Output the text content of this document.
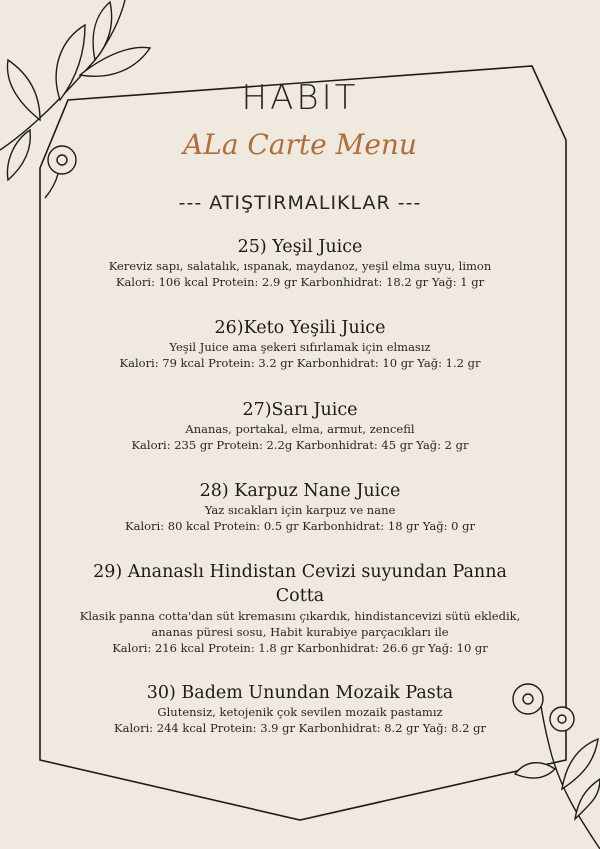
HABIT
ALa Carte Menu
--- ATIŞTIRMALIKLAR ---
25) Yeşil Juice

Kereviz sapı, salatalık, ıspanak, maydanoz, yeşil elma suyu, limon

Kalori: 106 kcal Protein: 2.9 gr Karbonhidrat: 18.2 gr Yağ: 1 gr

26)Keto Yeşili Juice

Yeşil Juice ama şekeri sıfırlamak için elmasız

Kalori: 79 kcal Protein: 3.2 gr Karbonhidrat: 10 gr Yağ: 1.2 gr

27)Sarı Juice

Ananas, portakal, elma, armut, zencefil

Kalori: 235 gr Protein: 2.2g Karbonhidrat: 45 gr Yağ: 2 gr

28) Karpuz Nane Juice

Yaz sıcakları için karpuz ve nane

Kalori: 80 kcal Protein: 0.5 gr Karbonhidrat: 18 gr Yağ: 0 gr

29) Ananaslı Hindistan Cevizi suyundan Panna Cotta

Klasik panna cotta'dan süt kremasını çıkardık, hindistancevizi sütü ekledik, ananas püresi sosu, Habit kurabiye parçacıkları ile

Kalori: 216 kcal Protein: 1.8 gr Karbonhidrat: 26.6 gr Yağ: 10 gr

30) Badem Unundan Mozaik Pasta

Glutensiz, ketojenik çok sevilen mozaik pastamız

Kalori: 244 kcal Protein: 3.9 gr Karbonhidrat: 8.2 gr Yağ: 8.2 gr
